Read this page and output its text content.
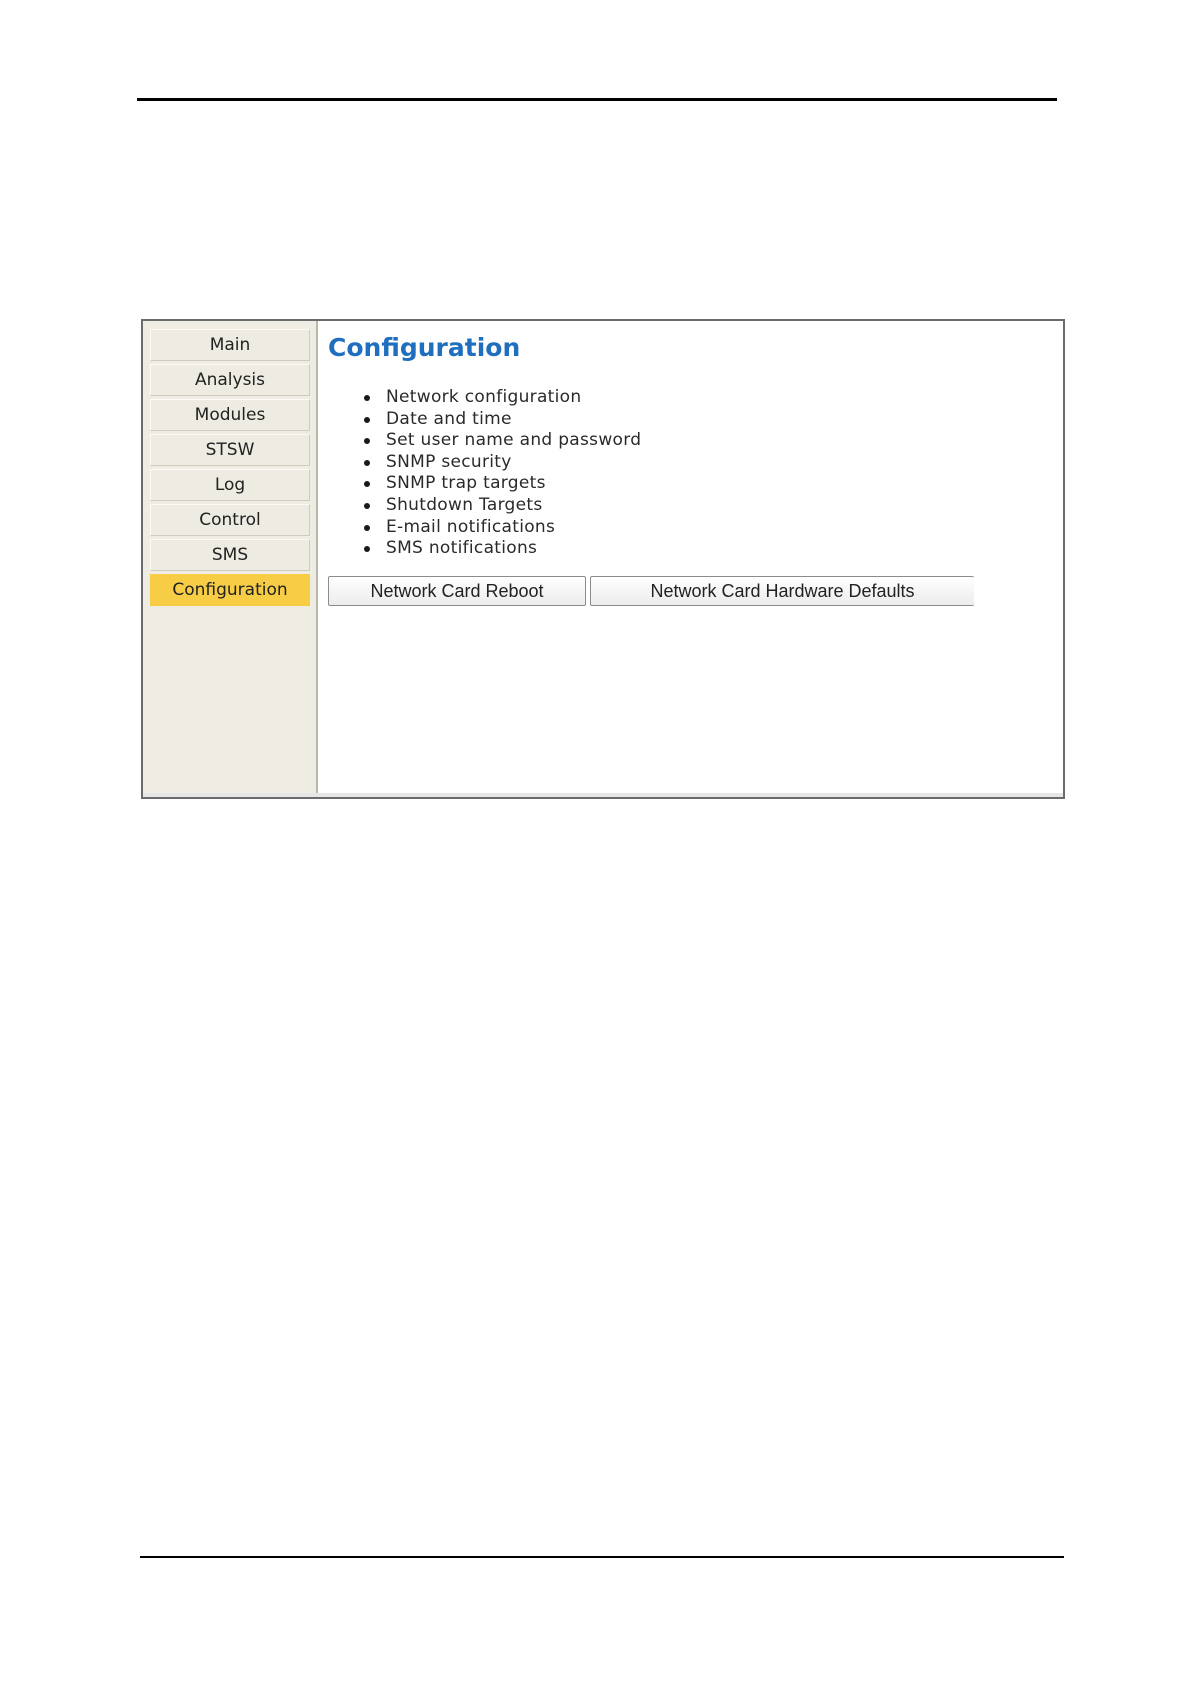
Main
Analysis
Modules
STSW
Log
Control
SMS
Configuration
Configuration
Network configuration
Date and time
Set user name and password
SNMP security
SNMP trap targets
Shutdown Targets
E-mail notifications
SMS notifications
Network Card Reboot	Network Card Hardware Defaults
